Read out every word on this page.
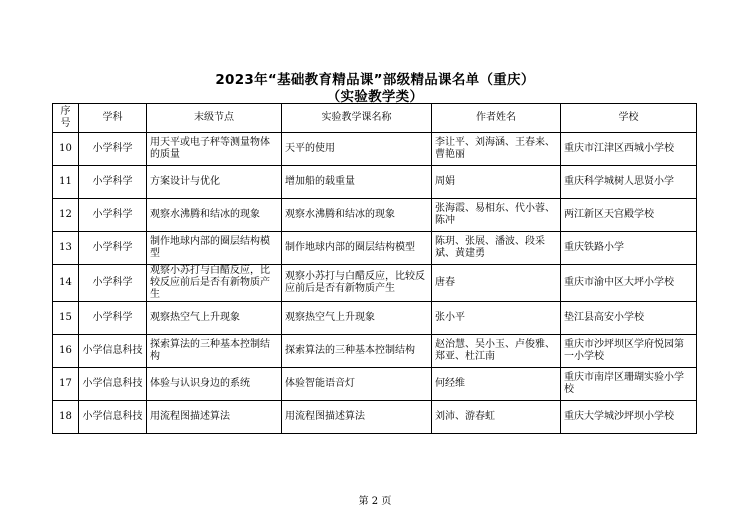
2023年“基础教育精品课”部级精品课名单（重庆）
（实验教学类）
序号	学科	末级节点	实验教学课名称	作者姓名	学校
10	小学科学	用天平或电子秤等测量物体的质量	天平的使用	李让平、刘海涵、王春来、曹艳丽	重庆市江津区西城小学校
11	小学科学	方案设计与优化	增加船的载重量	周娟	重庆科学城树人思贤小学
12	小学科学	观察水沸腾和结冰的现象	观察水沸腾和结冰的现象	张海霞、易相东、代小蓉、陈冲	两江新区天宫殿学校
13	小学科学	制作地球内部的圈层结构模型	制作地球内部的圈层结构模型	陈玥、张展、潘波、段采斌、黄建勇	重庆铁路小学
14	小学科学	观察小苏打与白醋反应，比较反应前后是否有新物质产生	观察小苏打与白醋反应，比较反应前后是否有新物质产生	唐春	重庆市渝中区大坪小学校
15	小学科学	观察热空气上升现象	观察热空气上升现象	张小平	垫江县高安小学校
16	小学信息科技	探索算法的三种基本控制结构	探索算法的三种基本控制结构	赵治慧、吴小玉、卢俊雅、郑亚、杜江南	重庆市沙坪坝区学府悦园第一小学校
17	小学信息科技	体验与认识身边的系统	体验智能语音灯	何经维	重庆市南岸区珊瑚实验小学校
18	小学信息科技	用流程图描述算法	用流程图描述算法	刘沛、游春虹	重庆大学城沙坪坝小学校
第 2 页
